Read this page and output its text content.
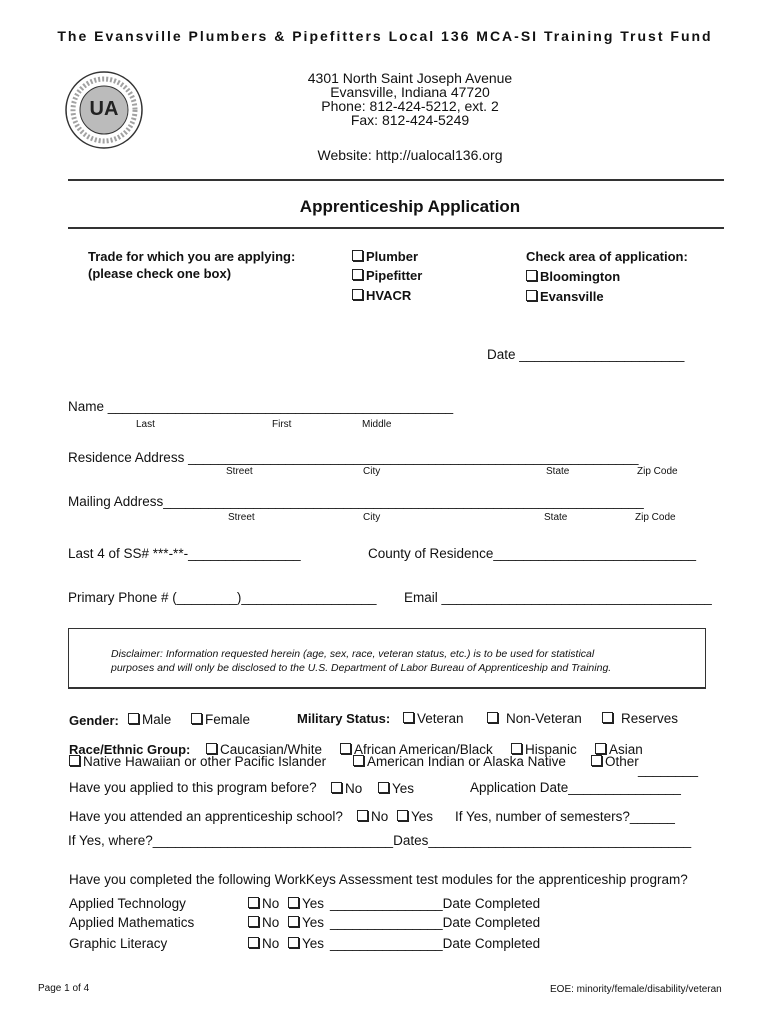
The Evansville Plumbers & Pipefitters Local 136 MCA-SI Training Trust Fund
UA
4301 North Saint Joseph Avenue
Evansville, Indiana 47720
Phone: 812-424-5212, ext. 2
Fax: 812-424-5249
Website: http://ualocal136.org
Apprenticeship Application
Trade for which you are applying:
(please check one box)
Plumber
Pipefitter
HVACR
Check area of application:
Bloomington
Evansville
Date ______________________
Name ______________________________________________
Last	First	Middle
Residence Address ____________________________________________________________
Street	City	State	Zip Code
Mailing Address________________________________________________________________
Street	City	State	Zip Code
Last 4 of SS# ***-**-_______________	County of Residence___________________________
Primary Phone # (________)__________________ Email ____________________________________
Disclaimer: Information requested herein (age, sex, race, veteran status, etc.) is to be used for statistical
purposes and will only be disclosed to the U.S. Department of Labor Bureau of Apprenticeship and Training.
Gender:	Male	Female	Military Status:	Veteran	Non-Veteran	Reserves
Race/Ethnic Group:	Caucasian/White	African American/Black	Hispanic	Asian
Native Hawaiian or other Pacific Islander	American Indian or Alaska Native	Other
________
Have you applied to this program before?	No	Yes	Application Date_______________
Have you attended an apprenticeship school?	No	Yes If Yes, number of semesters?______
If Yes, where?________________________________Dates___________________________________
Have you completed the following WorkKeys Assessment test modules for the apprenticeship program?
Applied Technology	No	Yes _______________Date Completed
Applied Mathematics	No	Yes _______________Date Completed
Graphic Literacy	No	Yes _______________Date Completed
Page 1 of 4	EOE: minority/female/disability/veteran
